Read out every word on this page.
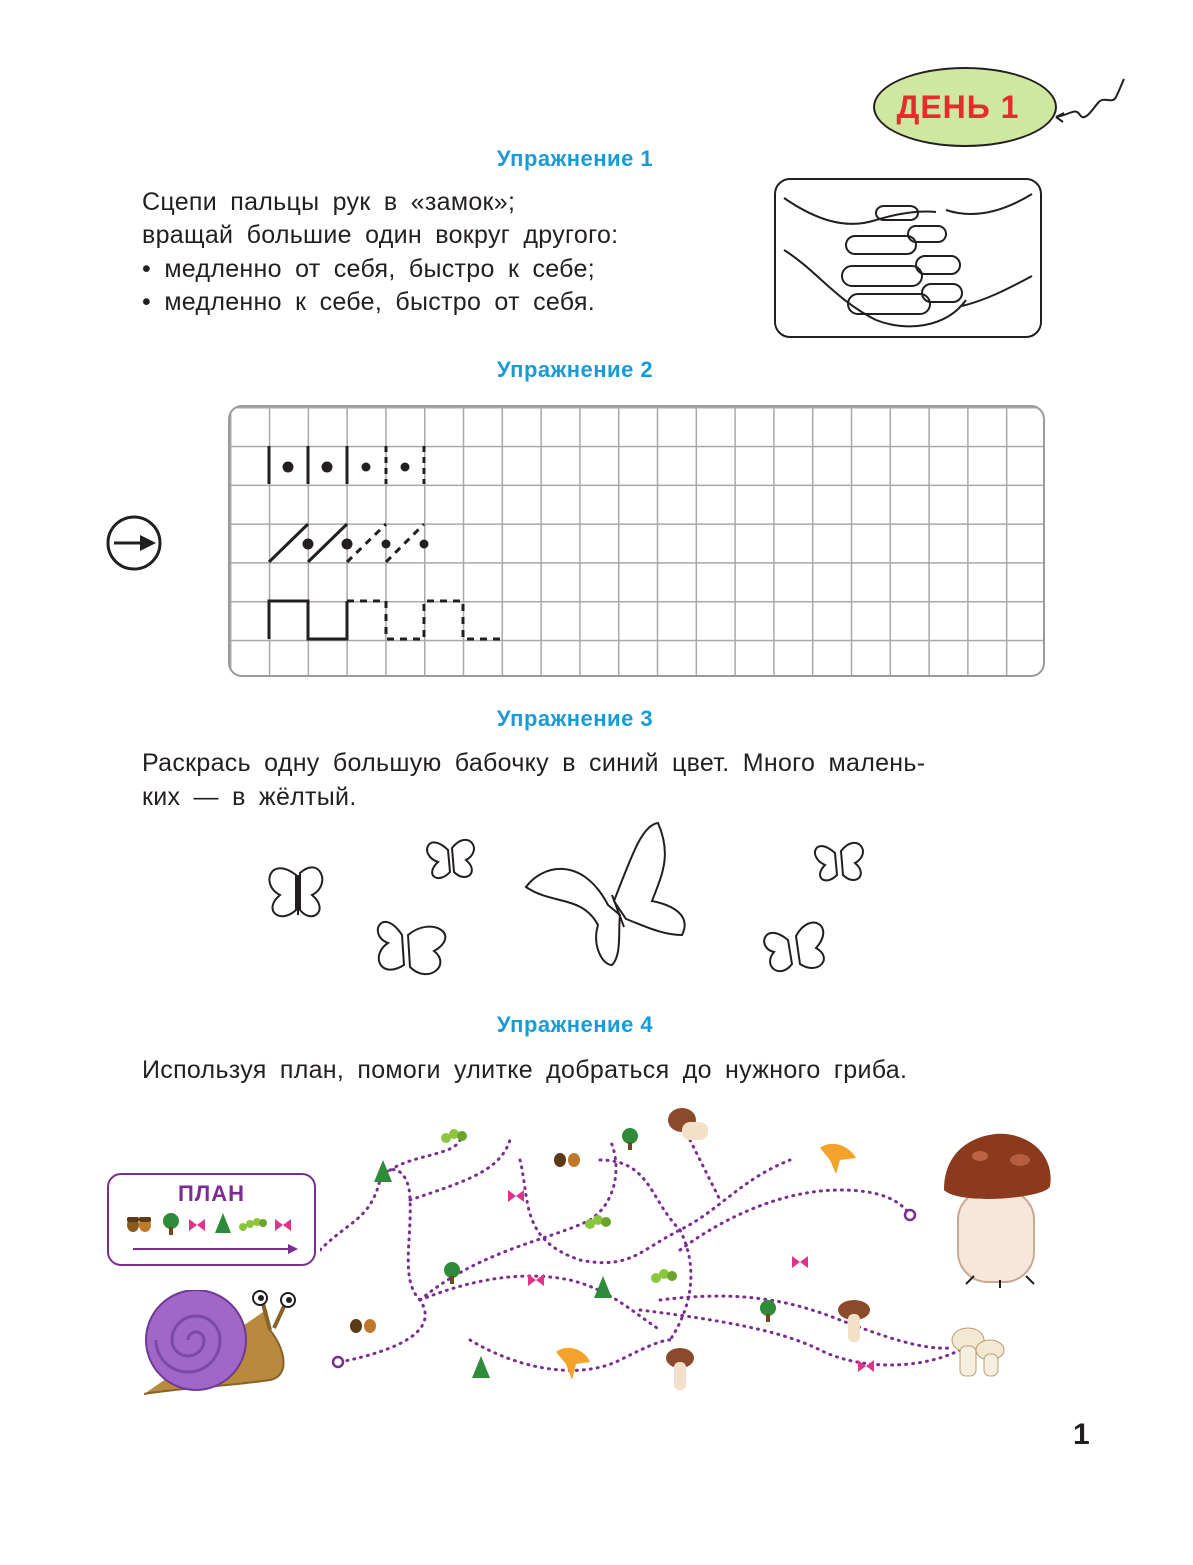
ДЕНЬ 1
Упражнение 1
Сцепи пальцы рук в «замок»;
вращай большие один вокруг другого:
• медленно от себя, быстро к себе;
• медленно к себе, быстро от себя.
Упражнение 2
Упражнение 3
Раскрась одну большую бабочку в синий цвет. Много малень-
ких — в жёлтый.
Упражнение 4
Используя план, помоги улитке добраться до нужного гриба.
ПЛАН
1
